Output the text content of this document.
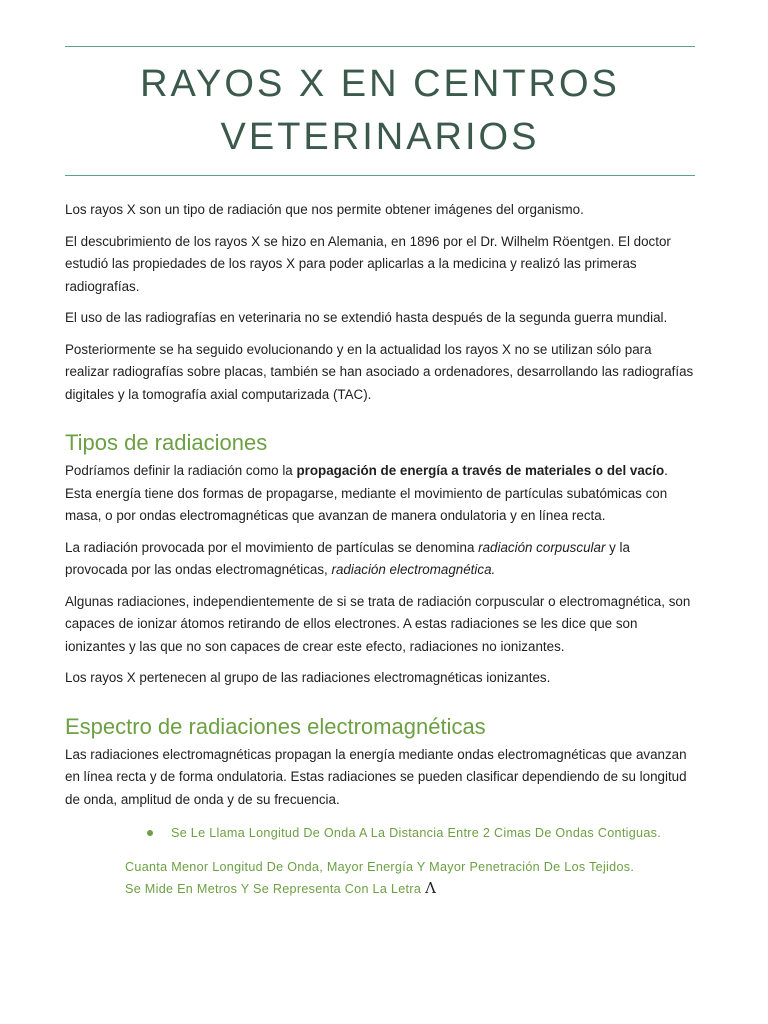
RAYOS X EN CENTROS
VETERINARIOS

Los rayos X son un tipo de radiación que nos permite obtener imágenes del organismo.

El descubrimiento de los rayos X se hizo en Alemania, en 1896 por el Dr. Wilhelm Röentgen. El doctor estudió las propiedades de los rayos X para poder aplicarlas a la medicina y realizó las primeras radiografías.

El uso de las radiografías en veterinaria no se extendió hasta después de la segunda guerra mundial.

Posteriormente se ha seguido evolucionando y en la actualidad los rayos X no se utilizan sólo para realizar radiografías sobre placas, también se han asociado a ordenadores, desarrollando las radiografías digitales y la tomografía axial computarizada (TAC).

Tipos de radiaciones

Podríamos definir la radiación como la propagación de energía a través de materiales o del vacío. Esta energía tiene dos formas de propagarse, mediante el movimiento de partículas subatómicas con masa, o por ondas electromagnéticas que avanzan de manera ondulatoria y en línea recta.

La radiación provocada por el movimiento de partículas se denomina radiación corpuscular y la provocada por las ondas electromagnéticas, radiación electromagnética.

Algunas radiaciones, independientemente de si se trata de radiación corpuscular o electromagnética, son capaces de ionizar átomos retirando de ellos electrones. A estas radiaciones se les dice que son ionizantes y las que no son capaces de crear este efecto, radiaciones no ionizantes.

Los rayos X pertenecen al grupo de las radiaciones electromagnéticas ionizantes.

Espectro de radiaciones electromagnéticas

Las radiaciones electromagnéticas propagan la energía mediante ondas electromagnéticas que avanzan en línea recta y de forma ondulatoria. Estas radiaciones se pueden clasificar dependiendo de su longitud de onda, amplitud de onda y de su frecuencia.

Se Le Llama Longitud De Onda A La Distancia Entre 2 Cimas De Ondas Contiguas.
Cuanta Menor Longitud De Onda, Mayor Energía Y Mayor Penetración De Los Tejidos. Se Mide En Metros Y Se Representa Con La Letra Λ
